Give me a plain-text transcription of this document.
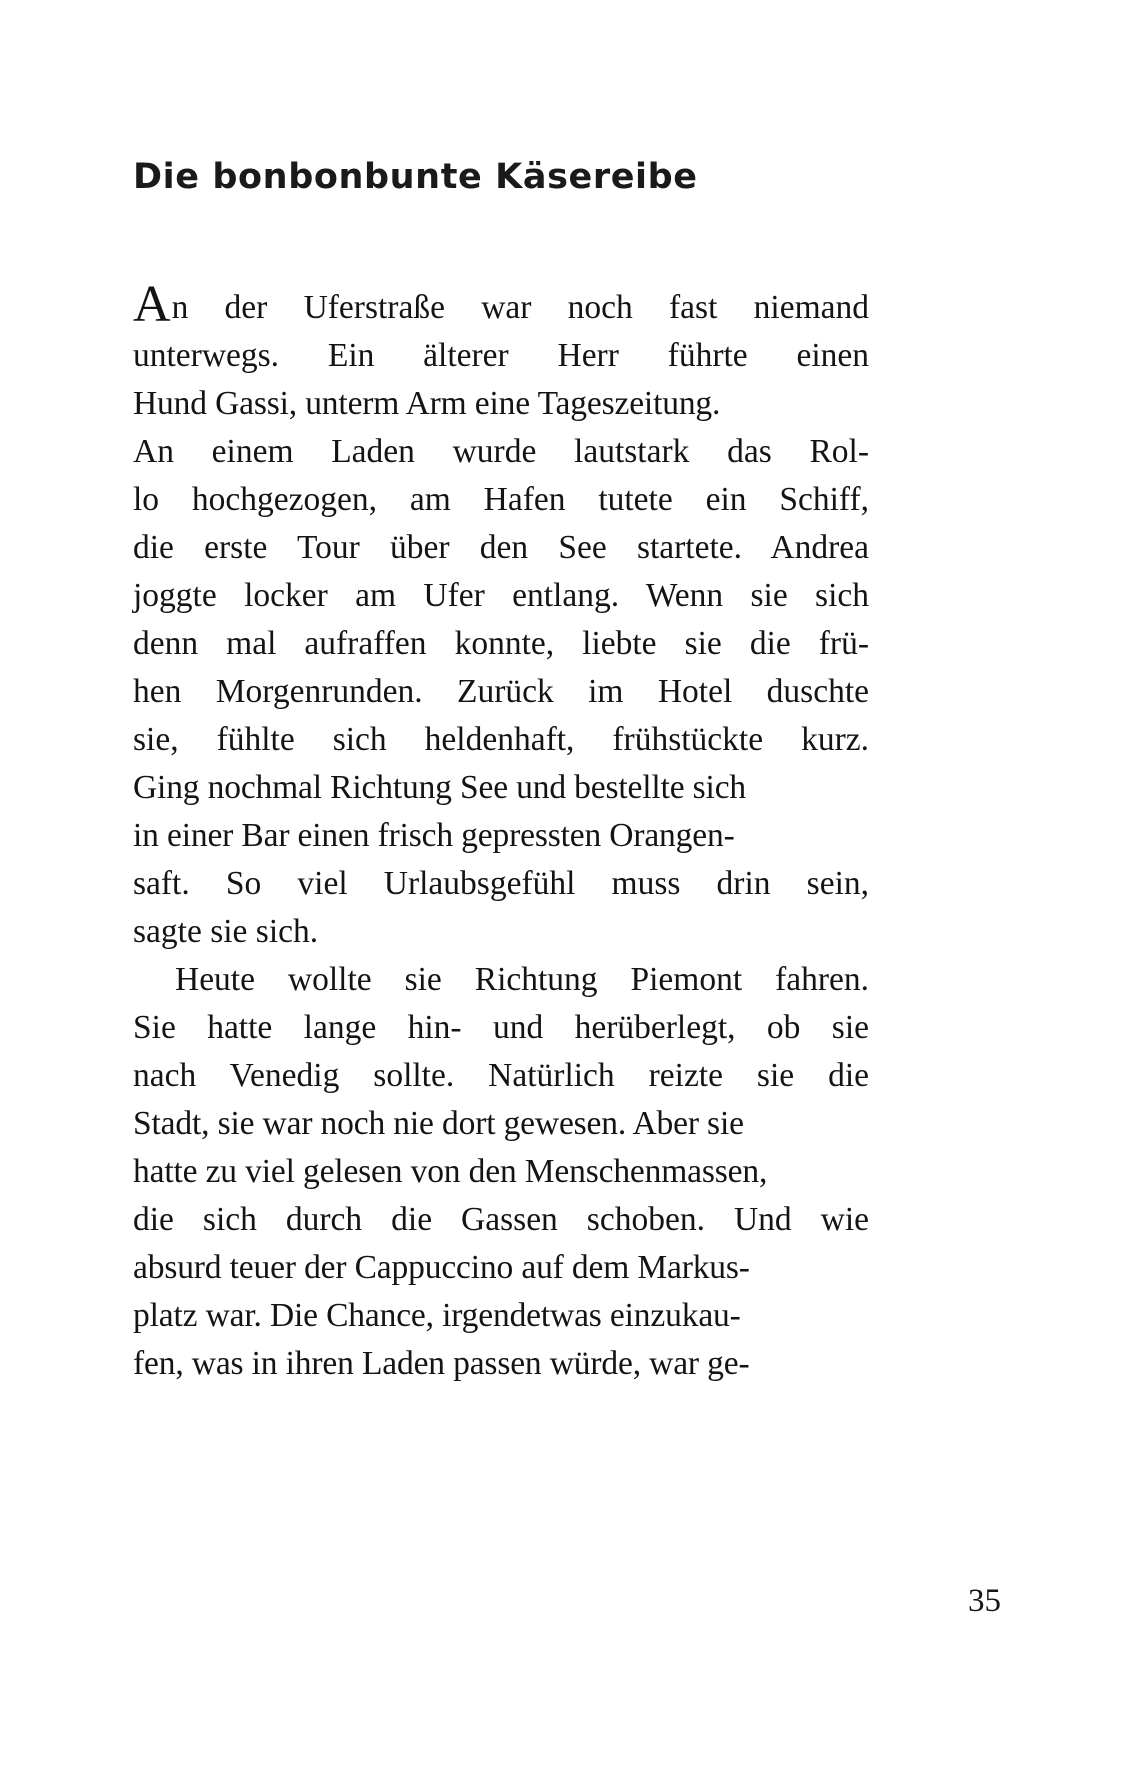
Die bonbonbunte Käsereibe

An der Uferstraße war noch fast niemand
unterwegs. Ein älterer Herr führte einen
Hund Gassi, unterm Arm eine Tageszeitung.
An einem Laden wurde lautstark das Rol-
lo hochgezogen, am Hafen tutete ein Schiff,
die erste Tour über den See startete. Andrea
joggte locker am Ufer entlang. Wenn sie sich
denn mal aufraffen konnte, liebte sie die frü-
hen Morgenrunden. Zurück im Hotel duschte
sie, fühlte sich heldenhaft, frühstückte kurz.
Ging nochmal Richtung See und bestellte sich
in einer Bar einen frisch gepressten Orangen-
saft. So viel Urlaubsgefühl muss drin sein,
sagte sie sich.

Heute wollte sie Richtung Piemont fahren.
Sie hatte lange hin- und herüberlegt, ob sie
nach Venedig sollte. Natürlich reizte sie die
Stadt, sie war noch nie dort gewesen. Aber sie
hatte zu viel gelesen von den Menschenmassen,
die sich durch die Gassen schoben. Und wie
absurd teuer der Cappuccino auf dem Markus-
platz war. Die Chance, irgendetwas einzukau-
fen, was in ihren Laden passen würde, war ge-

35
